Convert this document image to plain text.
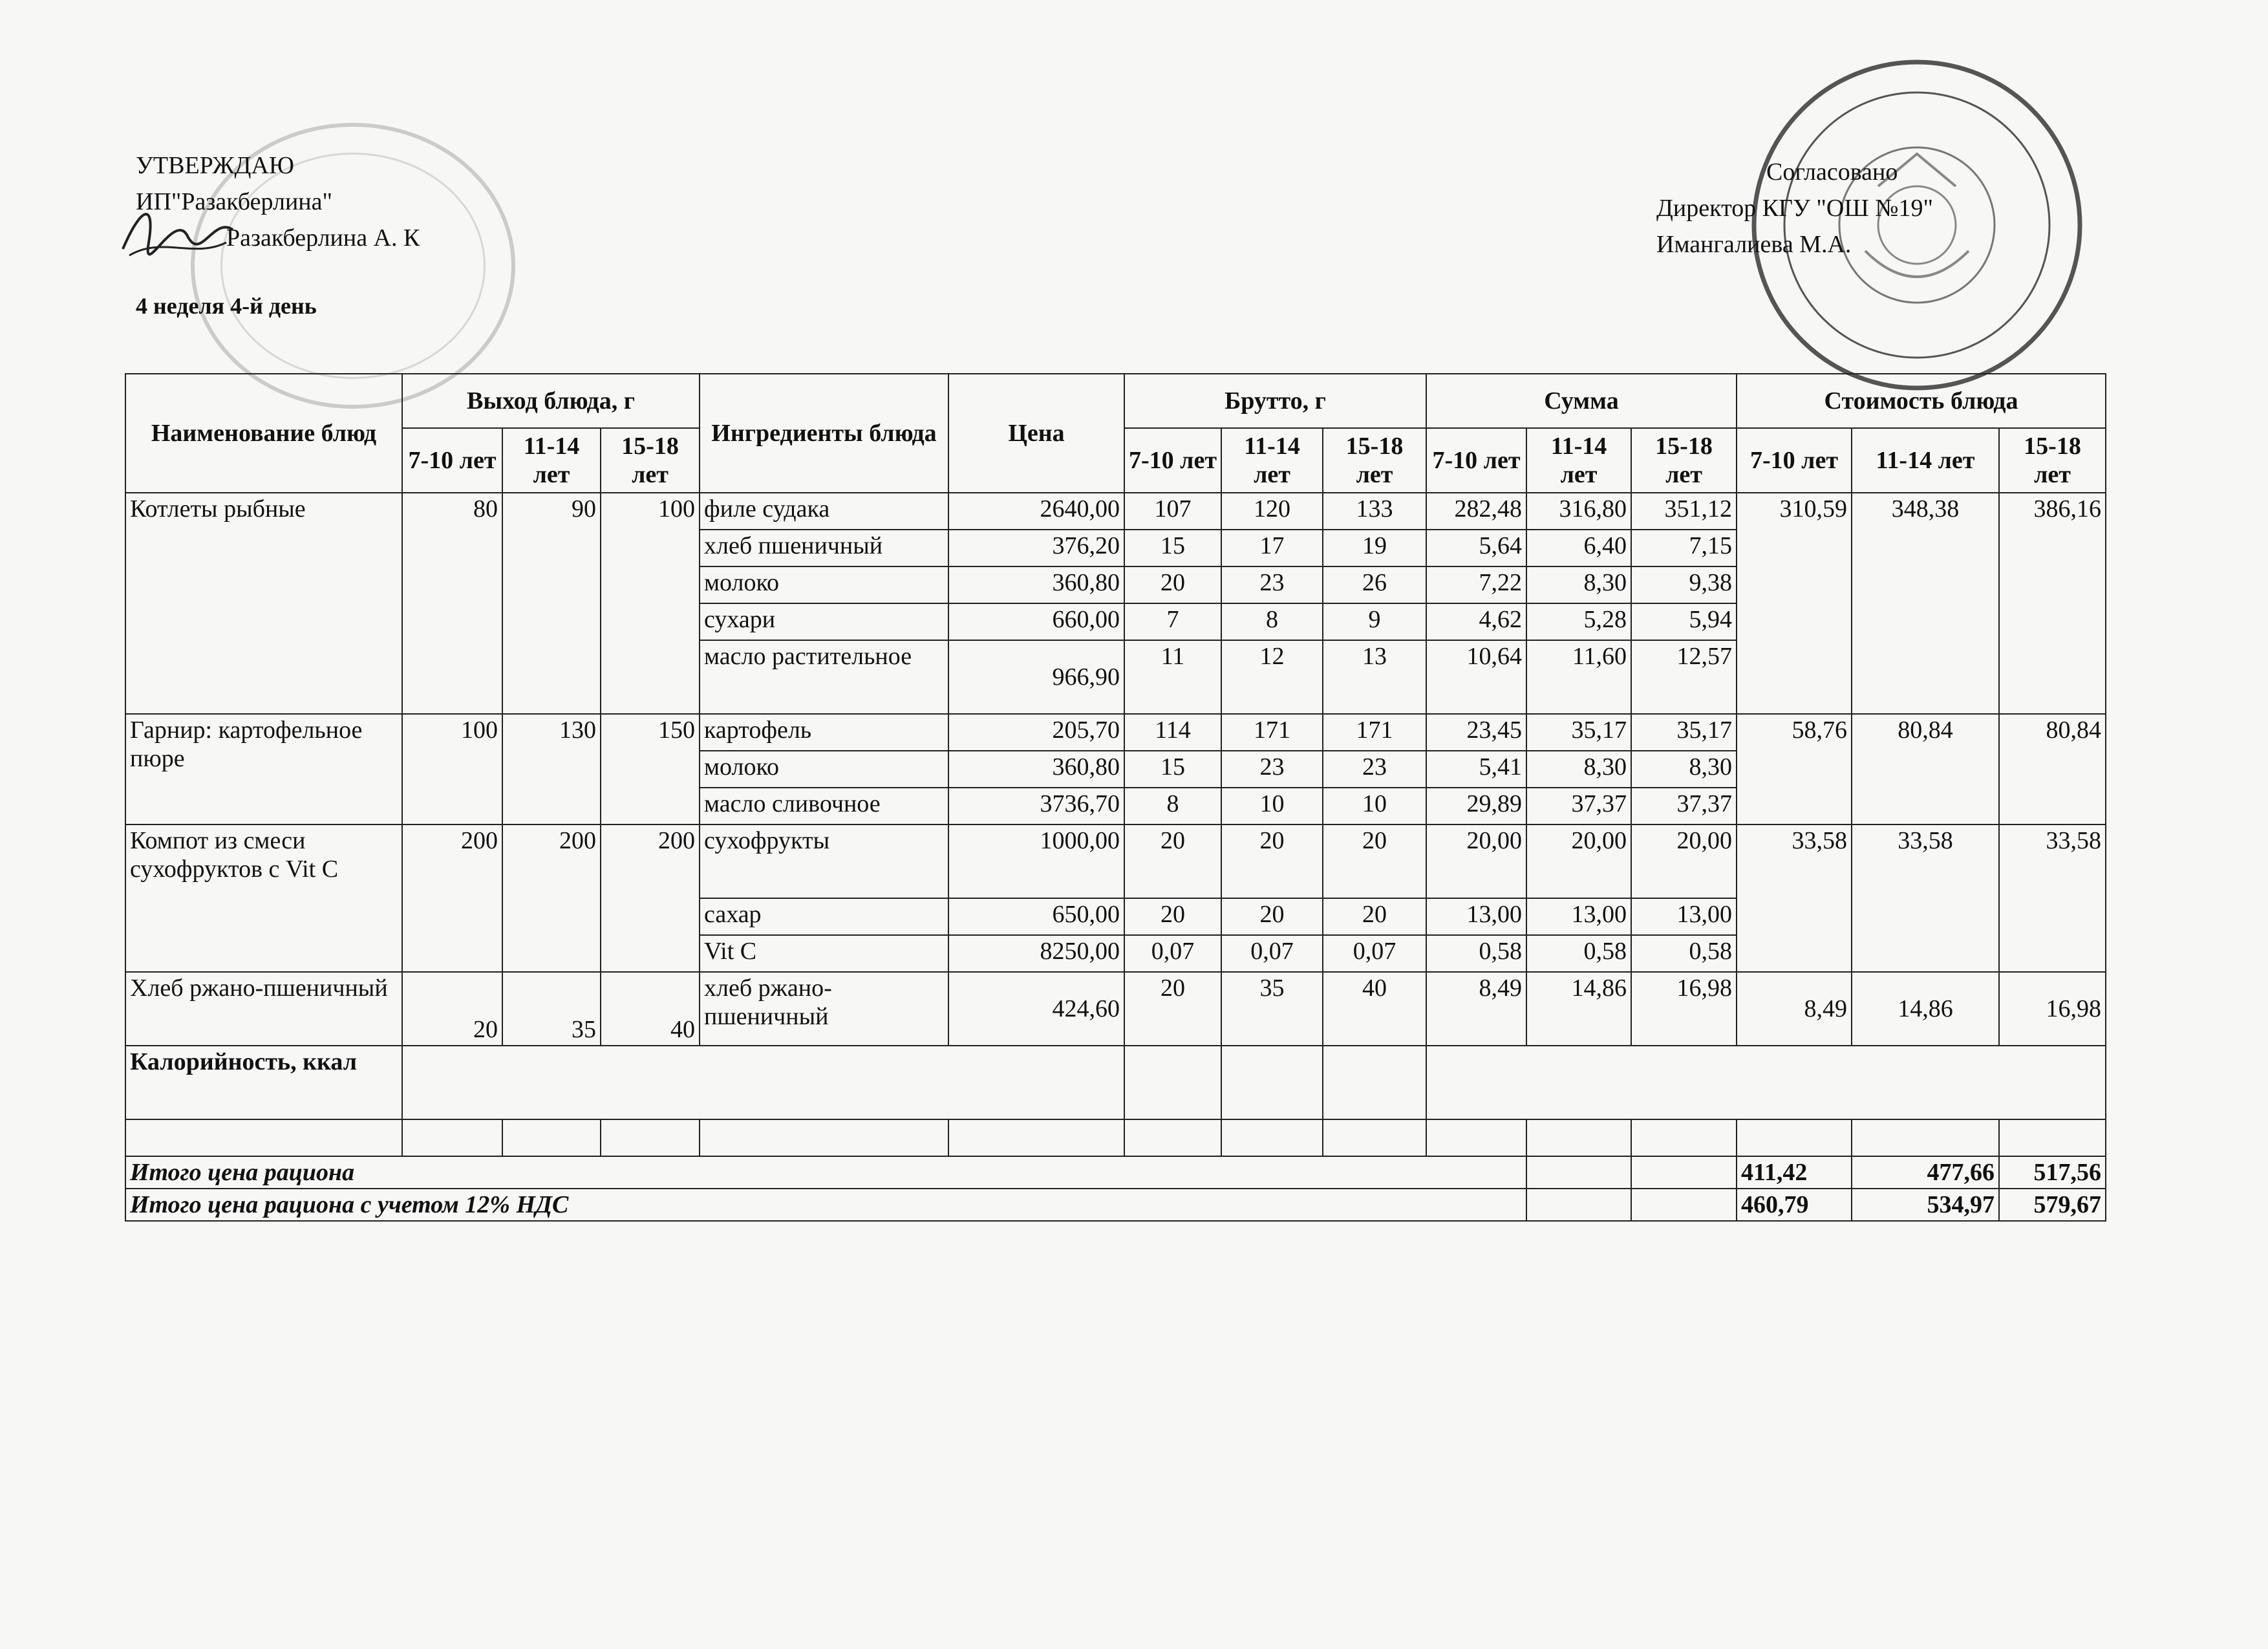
УТВЕРЖДАЮ
ИП"Разакберлина"
Разакберлина А. К
Согласовано
Директор КГУ "ОШ №19"
Имангалиева М.А.
4 неделя 4-й день
Наименование блюд	Выход блюда, г			Ингредиенты блюда	Цена	Брутто, г			Сумма			Стоимость блюда		
	7-10 лет	11-14 лет	15-18 лет			7-10 лет	11-14 лет	15-18 лет	7-10 лет	11-14 лет	15-18 лет	7-10 лет	11-14 лет	15-18 лет
Котлеты рыбные	80	90	100	филе судака	2640,00	107	120	133	282,48	316,80	351,12	310,59	348,38	386,16
				хлеб пшеничный	376,20	15	17	19	5,64	6,40	7,15			
				молоко	360,80	20	23	26	7,22	8,30	9,38			
				сухари	660,00	7	8	9	4,62	5,28	5,94			
				масло растительное	966,90	11	12	13	10,64	11,60	12,57			
Гарнир: картофельное пюре	100	130	150	картофель	205,70	114	171	171	23,45	35,17	35,17	58,76	80,84	80,84
				молоко	360,80	15	23	23	5,41	8,30	8,30			
				масло сливочное	3736,70	8	10	10	29,89	37,37	37,37			
Компот из смеси сухофруктов с Vit C	200	200	200	сухофрукты	1000,00	20	20	20	20,00	20,00	20,00	33,58	33,58	33,58
				сахар	650,00	20	20	20	13,00	13,00	13,00			
				Vit C	8250,00	0,07	0,07	0,07	0,58	0,58	0,58			
Хлеб ржано-пшеничный	20	35	40	хлеб ржано-пшеничный	424,60	20	35	40	8,49	14,86	16,98	8,49	14,86	16,98
Калорийность, ккал														

Итого цена рациона												411,42	477,66	517,56
Итого цена рациона с учетом 12% НДС												460,79	534,97	579,67
